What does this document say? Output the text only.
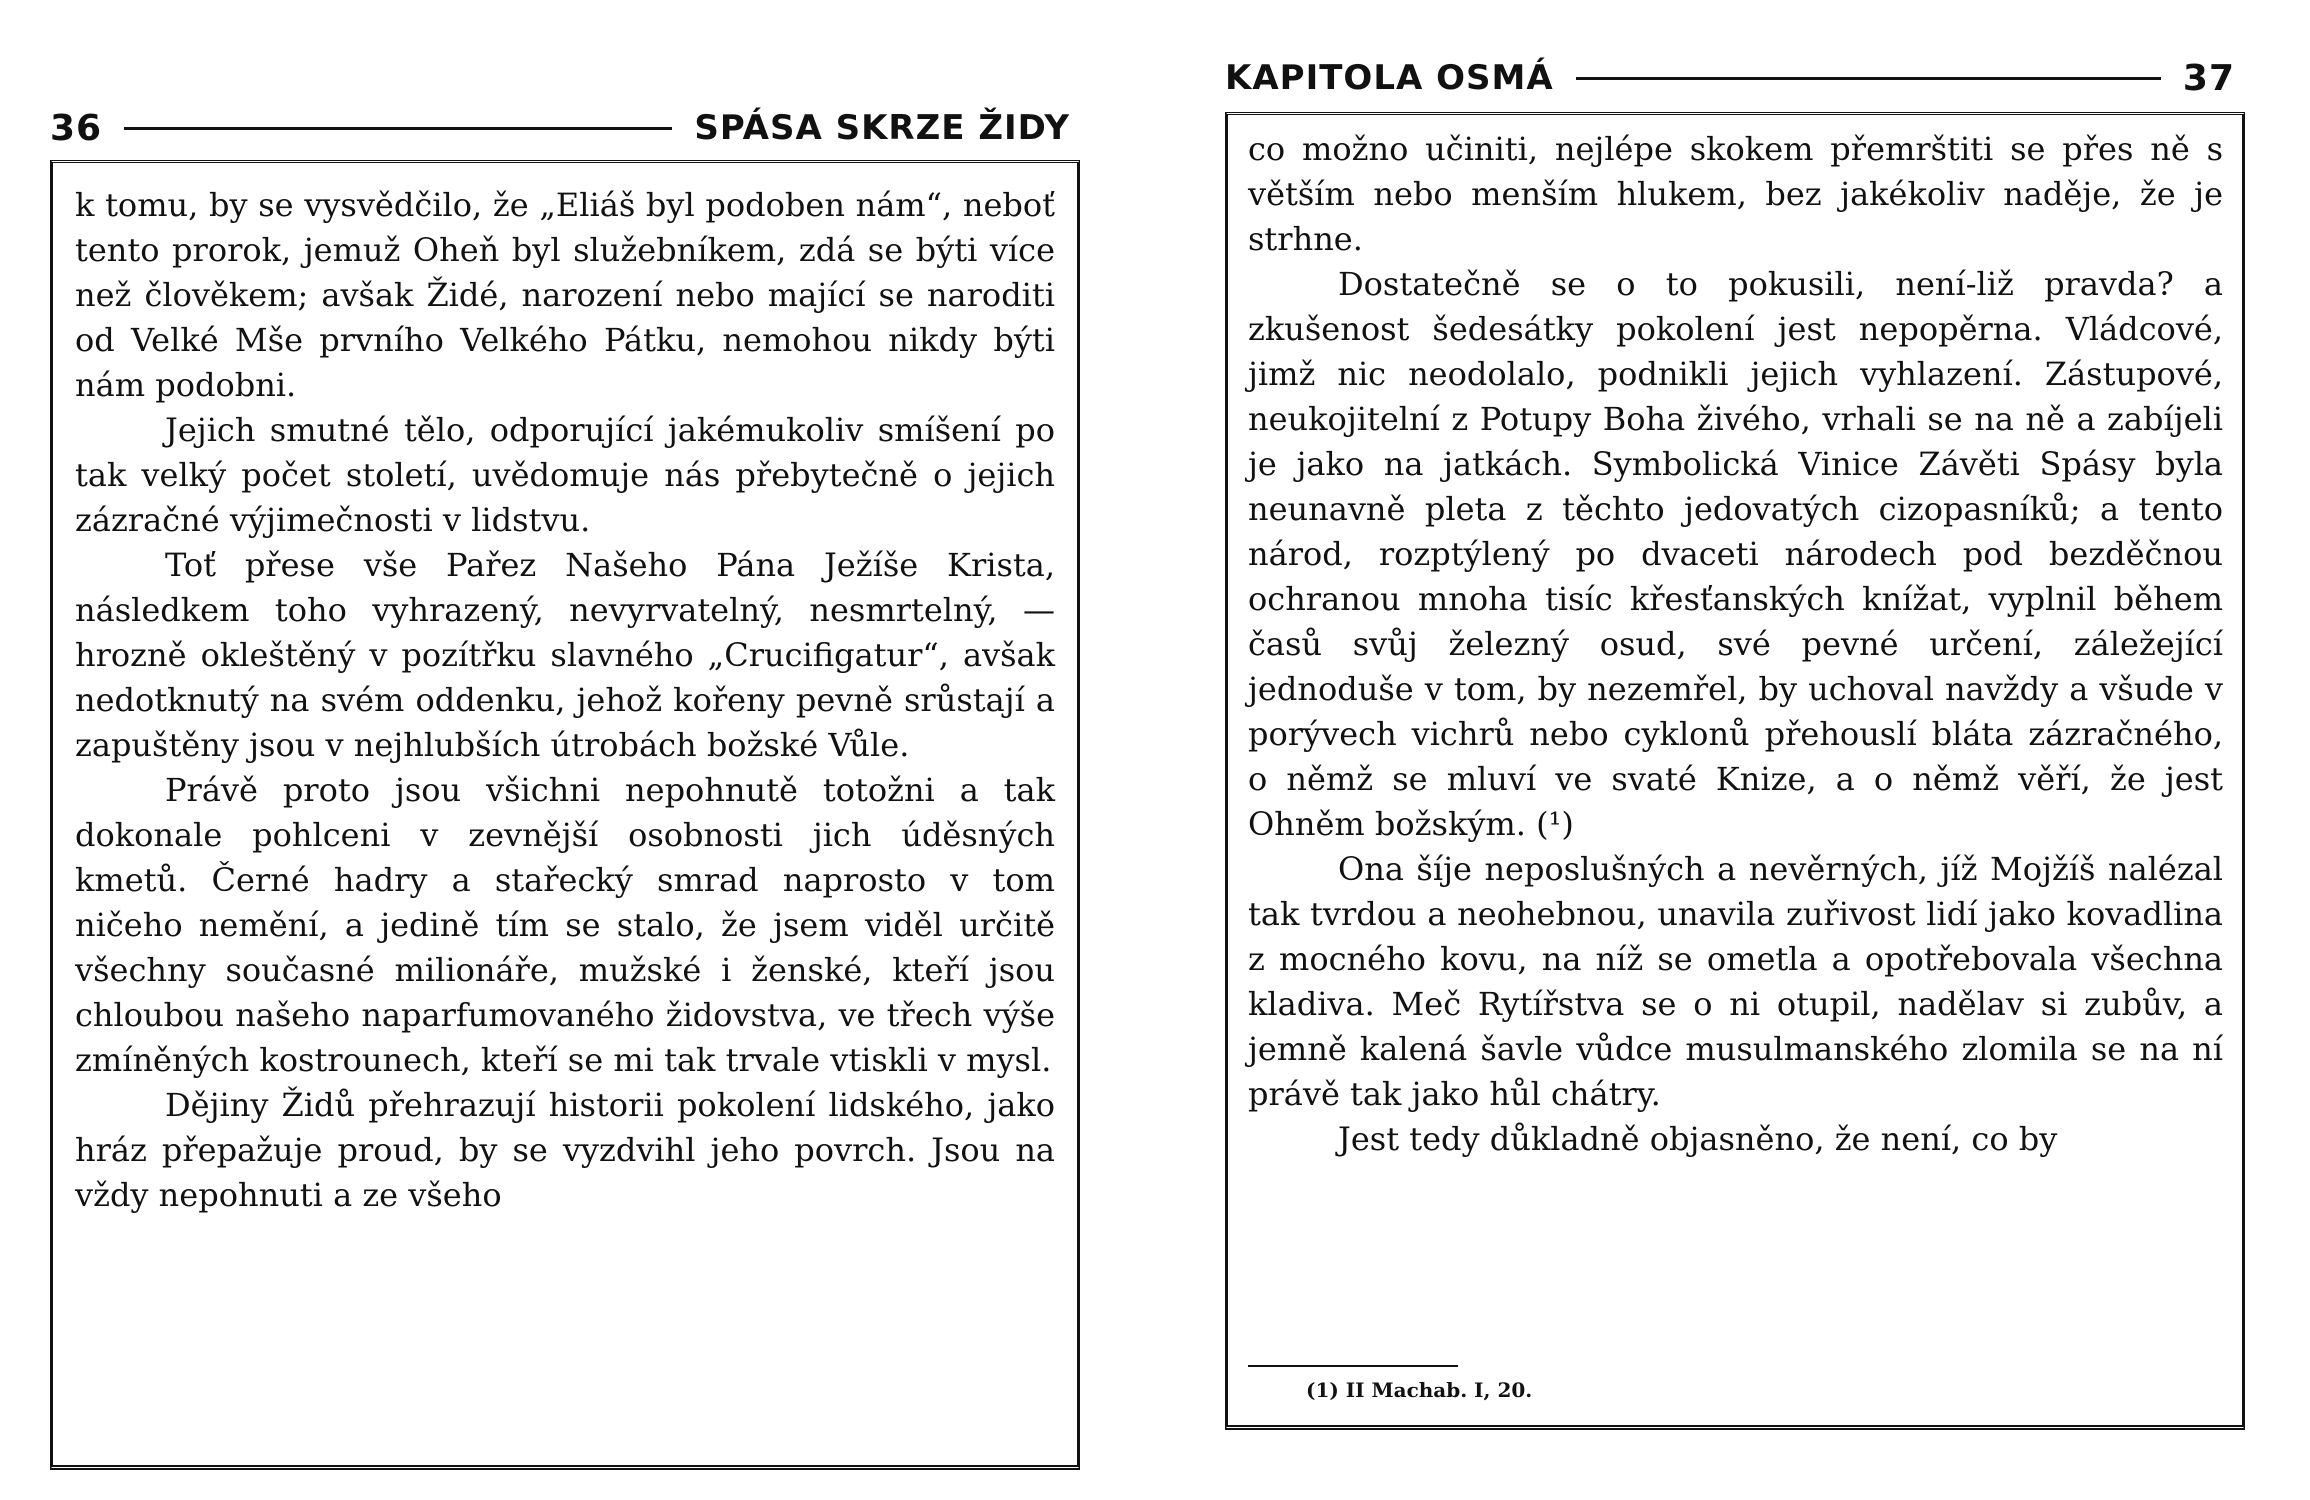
36	SPÁSA SKRZE ŽIDY

k tomu, by se vysvědčilo, že „Eliáš byl podoben nám“, neboť tento prorok, jemuž Oheň byl služebníkem, zdá se býti více než člověkem; avšak Židé, narození nebo mající se naroditi od Velké Mše prvního Velkého Pátku, nemohou nikdy býti nám podobni.

Jejich smutné tělo, odporující jakémukoliv smíšení po tak velký počet století, uvědomuje nás přebytečně o jejich zázračné výjimečnosti v lidstvu.

Toť přese vše Pařez Našeho Pána Ježíše Krista, následkem toho vyhrazený, nevyrvatelný, nesmrtelný, — hrozně okleštěný v pozítřku slavného „Crucifigatur“, avšak nedotknutý na svém oddenku, jehož kořeny pevně srůstají a zapuštěny jsou v nejhlubších útrobách božské Vůle.

Právě proto jsou všichni nepohnutě totožni a tak dokonale pohlceni v zevnější osobnosti jich úděsných kmetů. Černé hadry a stařecký smrad naprosto v tom ničeho nemění, a jedině tím se stalo, že jsem viděl určitě všechny současné milionáře, mužské i ženské, kteří jsou chloubou našeho naparfumovaného židovstva, ve třech výše zmíněných kostrounech, kteří se mi tak trvale vtiskli v mysl.

Dějiny Židů přehrazují historii pokolení lidského, jako hráz přepažuje proud, by se vyzdvihl jeho povrch. Jsou na vždy nepohnuti a ze všeho

KAPITOLA OSMÁ	37

co možno učiniti, nejlépe skokem přemrštiti se přes ně s větším nebo menším hlukem, bez jakékoliv naděje, že je strhne.

Dostatečně se o to pokusili, není-liž pravda? a zkušenost šedesátky pokolení jest nepopěrna. Vládcové, jimž nic neodolalo, podnikli jejich vyhlazení. Zástupové, neukojitelní z Potupy Boha živého, vrhali se na ně a zabíjeli je jako na jatkách. Symbolická Vinice Závěti Spásy byla neunavně pleta z těchto jedovatých cizopasníků; a tento národ, rozptýlený po dvaceti národech pod bezděčnou ochranou mnoha tisíc křesťanských knížat, vyplnil během časů svůj železný osud, své pevné určení, záležející jednoduše v tom, by nezemřel, by uchoval navždy a všude v porývech vichrů nebo cyklonů přehouslí bláta zázračného, o němž se mluví ve svaté Knize, a o němž věří, že jest Ohněm božským. (¹)

Ona šíje neposlušných a nevěrných, jíž Mojžíš nalézal tak tvrdou a neohebnou, unavila zuřivost lidí jako kovadlina z mocného kovu, na níž se ometla a opotřebovala všechna kladiva. Meč Rytířstva se o ni otupil, nadělav si zubův, a jemně kalená šavle vůdce musulmanského zlomila se na ní právě tak jako hůl chátry.

Jest tedy důkladně objasněno, že není, co by

(1) II Machab. I, 20.
